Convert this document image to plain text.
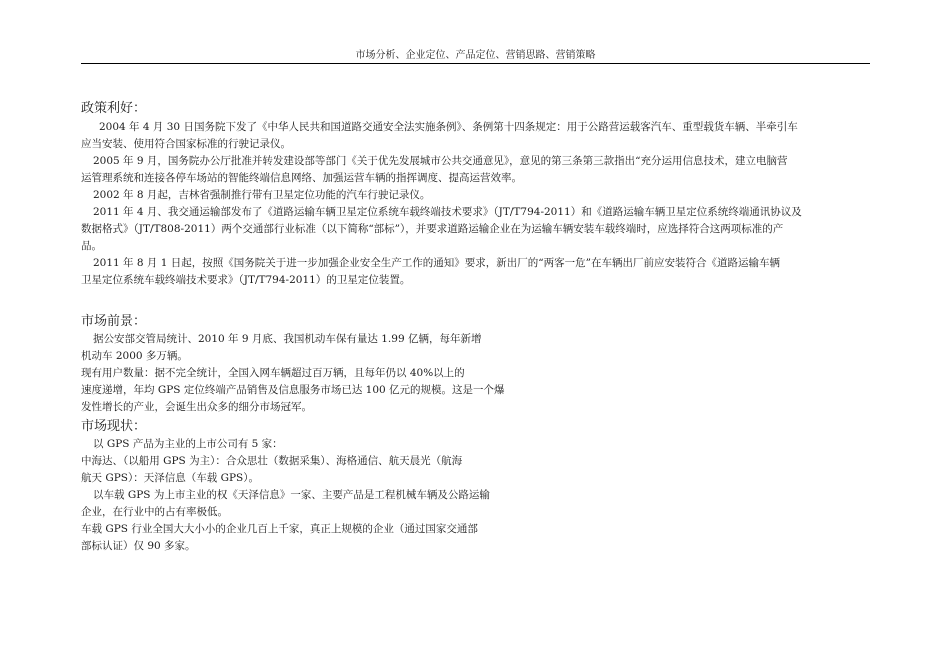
市场分析、企业定位、产品定位、营销思路、营销策略
政策利好：
2004 年 4 月 30 日国务院下发了《中华人民共和国道路交通安全法实施条例》、条例第十四条规定：用于公路营运载客汽车、重型载货车辆、半牵引车
应当安装、使用符合国家标准的行驶记录仪。
2005 年 9 月，国务院办公厅批准并转发建设部等部门《关于优先发展城市公共交通意见》，意见的第三条第三款指出“充分运用信息技术，建立电脑营
运管理系统和连接各停车场站的智能终端信息网络、加强运营车辆的指挥调度、提高运营效率。
2002 年 8 月起，吉林省强制推行带有卫星定位功能的汽车行驶记录仪。
2011 年 4 月、我交通运输部发布了《道路运输车辆卫星定位系统车载终端技术要求》（JT/T794-2011）和《道路运输车辆卫星定位系统终端通讯协议及
数据格式》（JT/T808-2011）两个交通部行业标准（以下简称“部标”），并要求道路运输企业在为运输车辆安装车载终端时，应选择符合这两项标准的产
品。
2011 年 8 月 1 日起，按照《国务院关于进一步加强企业安全生产工作的通知》要求，新出厂的“两客一危”在车辆出厂前应安装符合《道路运输车辆
卫星定位系统车载终端技术要求》（JT/T794-2011）的卫星定位装置。
市场前景：
据公安部交管局统计、2010 年 9 月底、我国机动车保有量达 1.99 亿辆，每年新增
机动车 2000 多万辆。
现有用户数量：据不完全统计，全国入网车辆超过百万辆，且每年仍以 40%以上的
速度递增，年均 GPS 定位终端产品销售及信息服务市场已达 100 亿元的规模。这是一个爆
发性增长的产业，会诞生出众多的细分市场冠军。
市场现状：
以 GPS 产品为主业的上市公司有 5 家：
中海达、（以船用 GPS 为主）：合众思壮（数据采集）、海格通信、航天晨光（航海
航天 GPS）：天泽信息（车载 GPS）。
以车载 GPS 为上市主业的权《天泽信息》一家、主要产品是工程机械车辆及公路运输
企业，在行业中的占有率极低。
车载 GPS 行业全国大大小小的企业几百上千家，真正上规模的企业（通过国家交通部
部标认证）仅 90 多家。
